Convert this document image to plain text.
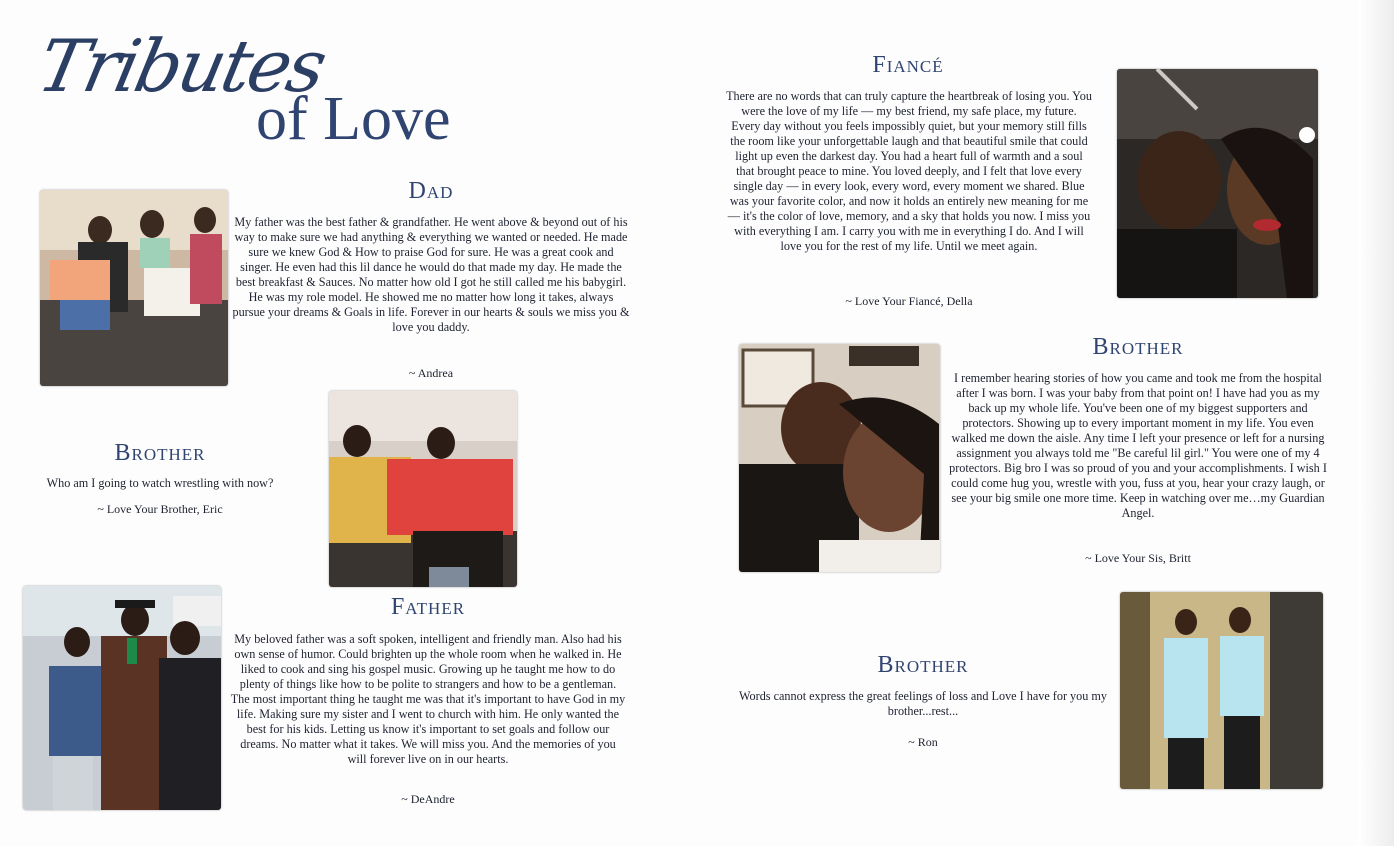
Tributes
of Love
Dad
My father was the best father & grandfather. He went above & beyond out of his way to make sure we had anything & everything we wanted or needed. He made sure we knew God & How to praise God for sure. He was a great cook and singer. He even had this lil dance he would do that made my day. He made the best breakfast & Sauces. No matter how old I got he still called me his babygirl. He was my role model. He showed me no matter how long it takes, always pursue your dreams & Goals in life. Forever in our hearts & souls we miss you & love you daddy.
~ Andrea
Brother
Who am I going to watch wrestling with now?
~ Love Your Brother, Eric
Father
My beloved father was a soft spoken, intelligent and friendly man. Also had his own sense of humor. Could brighten up the whole room when he walked in. He liked to cook and sing his gospel music. Growing up he taught me how to do plenty of things like how to be polite to strangers and how to be a gentleman. The most important thing he taught me was that it's important to have God in my life. Making sure my sister and I went to church with him. He only wanted the best for his kids. Letting us know it's important to set goals and follow our dreams. No matter what it takes. We will miss you. And the memories of you will forever live on in our hearts.
~ DeAndre
Fiancé
There are no words that can truly capture the heartbreak of losing you. You were the love of my life — my best friend, my safe place, my future. Every day without you feels impossibly quiet, but your memory still fills the room like your unforgettable laugh and that beautiful smile that could light up even the darkest day. You had a heart full of warmth and a soul that brought peace to mine. You loved deeply, and I felt that love every single day — in every look, every word, every moment we shared. Blue was your favorite color, and now it holds an entirely new meaning for me — it's the color of love, memory, and a sky that holds you now. I miss you with everything I am. I carry you with me in everything I do. And I will love you for the rest of my life. Until we meet again.
~ Love Your Fiancé, Della
Brother
I remember hearing stories of how you came and took me from the hospital after I was born. I was your baby from that point on! I have had you as my back up my whole life. You've been one of my biggest supporters and protectors. Showing up to every important moment in my life. You even walked me down the aisle. Any time I left your presence or left for a nursing assignment you always told me "Be careful lil girl." You were one of my 4 protectors. Big bro I was so proud of you and your accomplishments. I wish I could come hug you, wrestle with you, fuss at you, hear your crazy laugh, or see your big smile one more time. Keep in watching over me…my Guardian Angel.
~ Love Your Sis, Britt
Brother
Words cannot express the great feelings of loss and Love I have for you my brother...rest...
~ Ron
